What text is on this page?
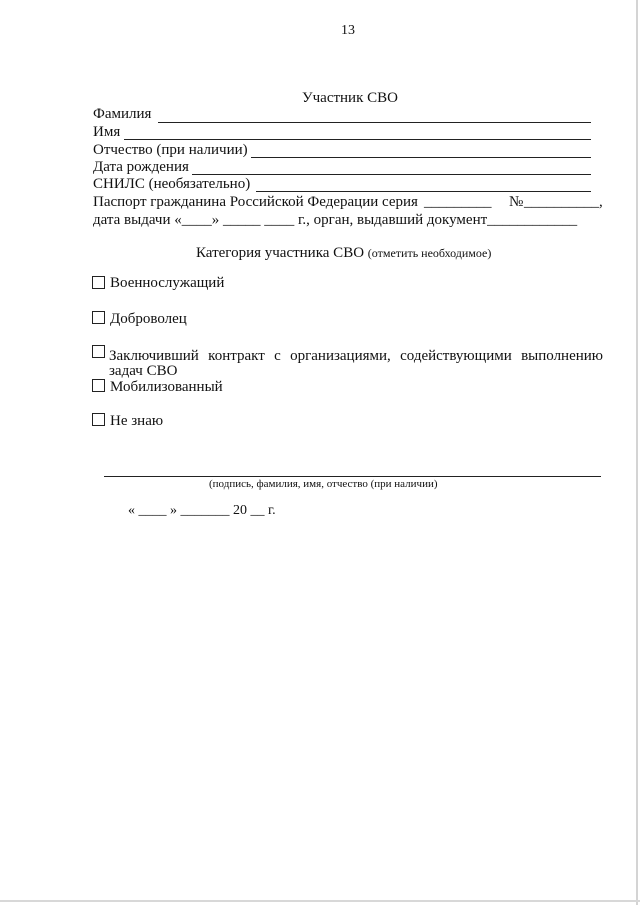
13
Участник СВО
Фамилия
Имя
Отчество (при наличии)
Дата рождения
СНИЛС (необязательно)
Паспорт гражданина Российской Федерации серия _________ № __________,
дата выдачи «____» _____ ____ г., орган, выдавший документ____________
Категория участника СВО (отметить необходимое)
Военнослужащий
Доброволец
Заключивший контракт с организациями, содействующими выполнению задач СВО
Мобилизованный
Не знаю
(подпись, фамилия, имя, отчество (при наличии)
« ____ » _______ 20 __ г.
